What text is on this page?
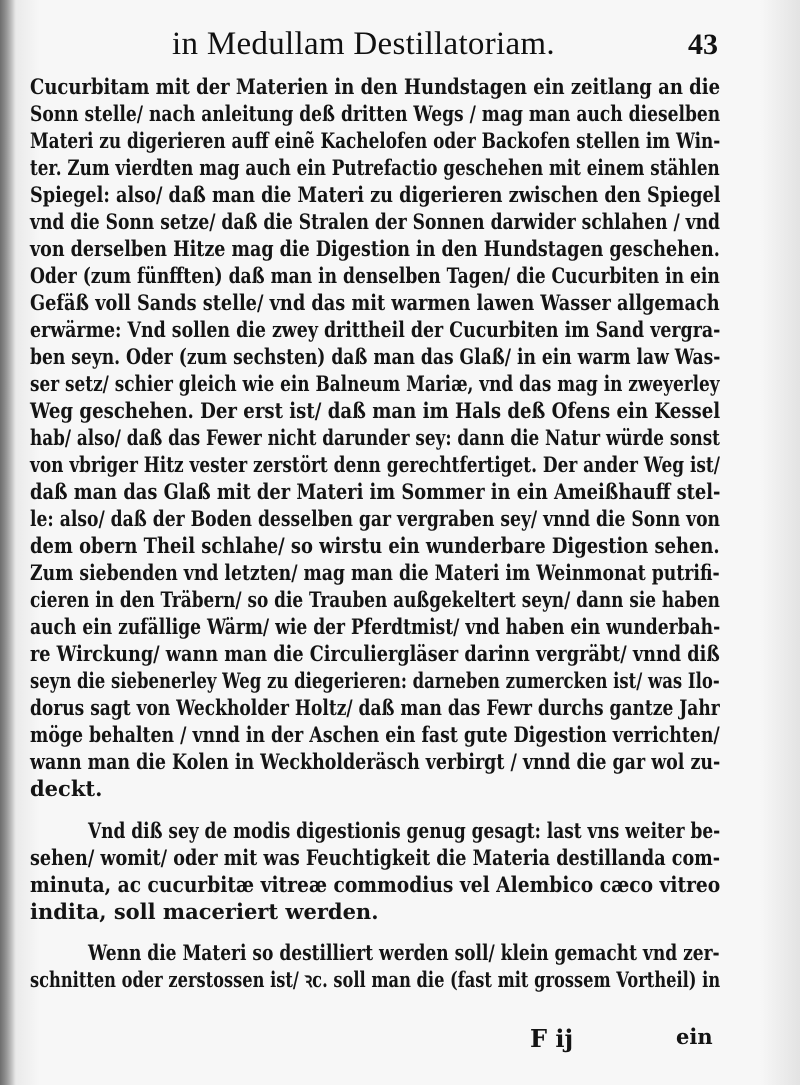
in Medullam Destillatoriam.	43
Cucurbitam mit der Materien in den Hundstagen ein zeitlang an die
Sonn stelle/ nach anleitung deß dritten Wegs / mag man auch dieselben
Materi zu digerieren auff einẽ Kachelofen oder Backofen stellen im Win-
ter. Zum vierdten mag auch ein Putrefactio geschehen mit einem stählen
Spiegel: also/ daß man die Materi zu digerieren zwischen den Spiegel
vnd die Sonn setze/ daß die Stralen der Sonnen darwider schlahen / vnd
von derselben Hitze mag die Digestion in den Hundstagen geschehen.
Oder (zum fünfften) daß man in denselben Tagen/ die Cucurbiten in ein
Gefäß voll Sands stelle/ vnd das mit warmen lawen Wasser allgemach
erwärme: Vnd sollen die zwey drittheil der Cucurbiten im Sand vergra-
ben seyn. Oder (zum sechsten) daß man das Glaß/ in ein warm law Was-
ser setz/ schier gleich wie ein Balneum Mariæ, vnd das mag in zweyerley
Weg geschehen. Der erst ist/ daß man im Hals deß Ofens ein Kessel
hab/ also/ daß das Fewer nicht darunder sey: dann die Natur würde sonst
von vbriger Hitz vester zerstört denn gerechtfertiget. Der ander Weg ist/
daß man das Glaß mit der Materi im Sommer in ein Ameißhauff stel-
le: also/ daß der Boden desselben gar vergraben sey/ vnnd die Sonn von
dem obern Theil schlahe/ so wirstu ein wunderbare Digestion sehen.
Zum siebenden vnd letzten/ mag man die Materi im Weinmonat putrifi-
cieren in den Träbern/ so die Trauben außgekeltert seyn/ dann sie haben
auch ein zufällige Wärm/ wie der Pferdtmist/ vnd haben ein wunderbah-
re Wirckung/ wann man die Circuliergläser darinn vergräbt/ vnnd diß
seyn die siebenerley Weg zu diegerieren: darneben zumercken ist/ was Ilo-
dorus sagt von Weckholder Holtz/ daß man das Fewr durchs gantze Jahr
möge behalten / vnnd in der Aschen ein fast gute Digestion verrichten/
wann man die Kolen in Weckholderäsch verbirgt / vnnd die gar wol zu-
deckt.
Vnd diß sey de modis digestionis genug gesagt: last vns weiter be-
sehen/ womit/ oder mit was Feuchtigkeit die Materia destillanda com-
minuta, ac cucurbitæ vitreæ commodius vel Alembico cæco vitreo
indita, soll maceriert werden.
Wenn die Materi so destilliert werden soll/ klein gemacht vnd zer-
schnitten oder zerstossen ist/ ꝛc. soll man die (fast mit grossem Vortheil) in
F ij	ein
